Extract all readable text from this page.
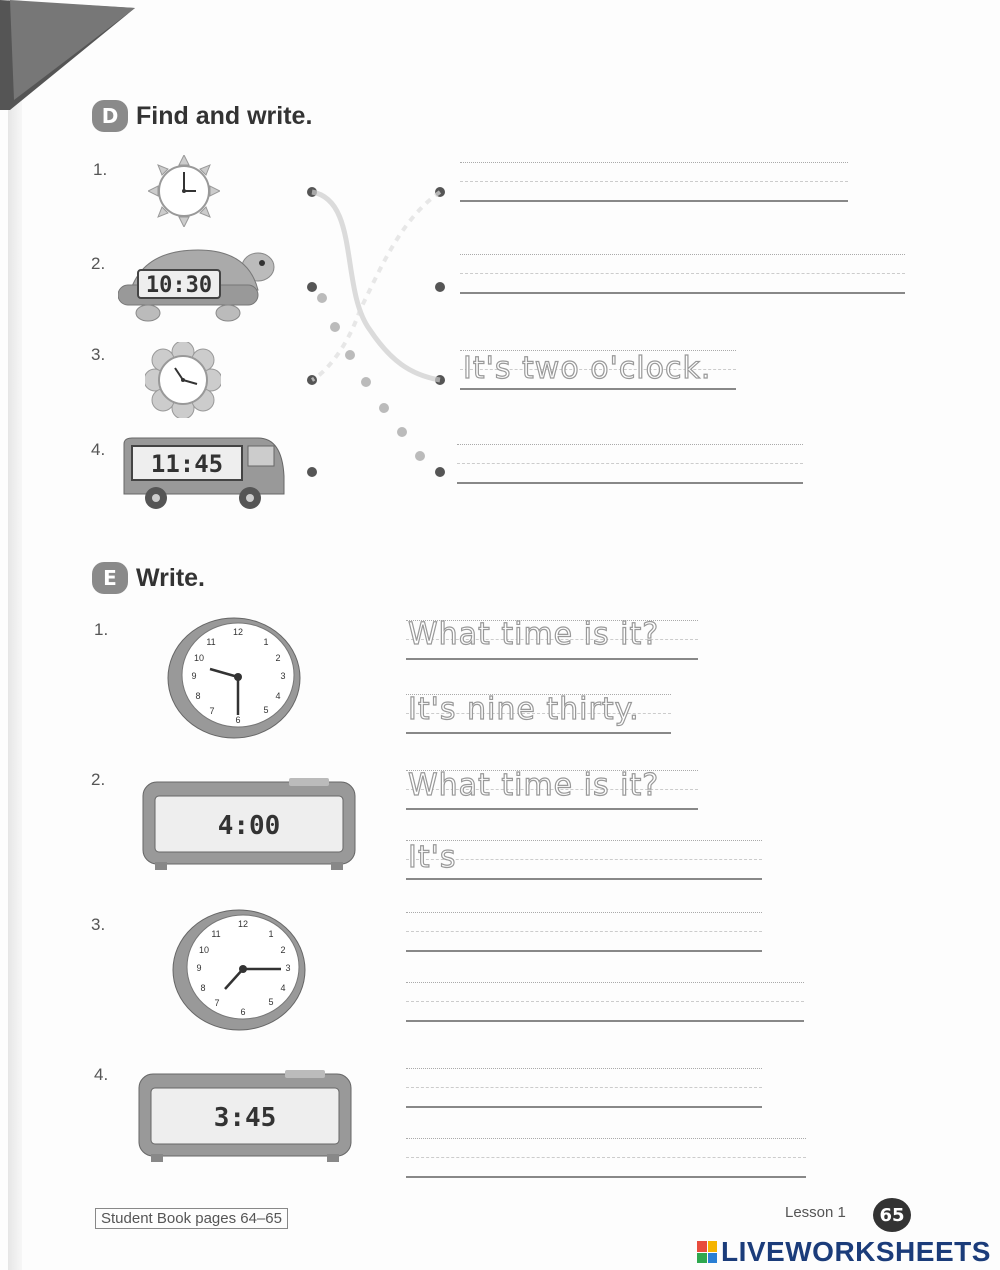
D Find and write.
1.
2.
3.
4.
10:30
11:45
It's two o'clock.
E Write.
1.
2.
3.
4.
12
1
2
3
4
5
6
7
8
9
10
11
4:00
12
1
2
3
4
5
6
7
8
9
10
11
3:45
What time is it?
It's nine thirty.
What time is it?
It's
Student Book pages 64–65	Lesson 1	65
LIVEWORKSHEETS
